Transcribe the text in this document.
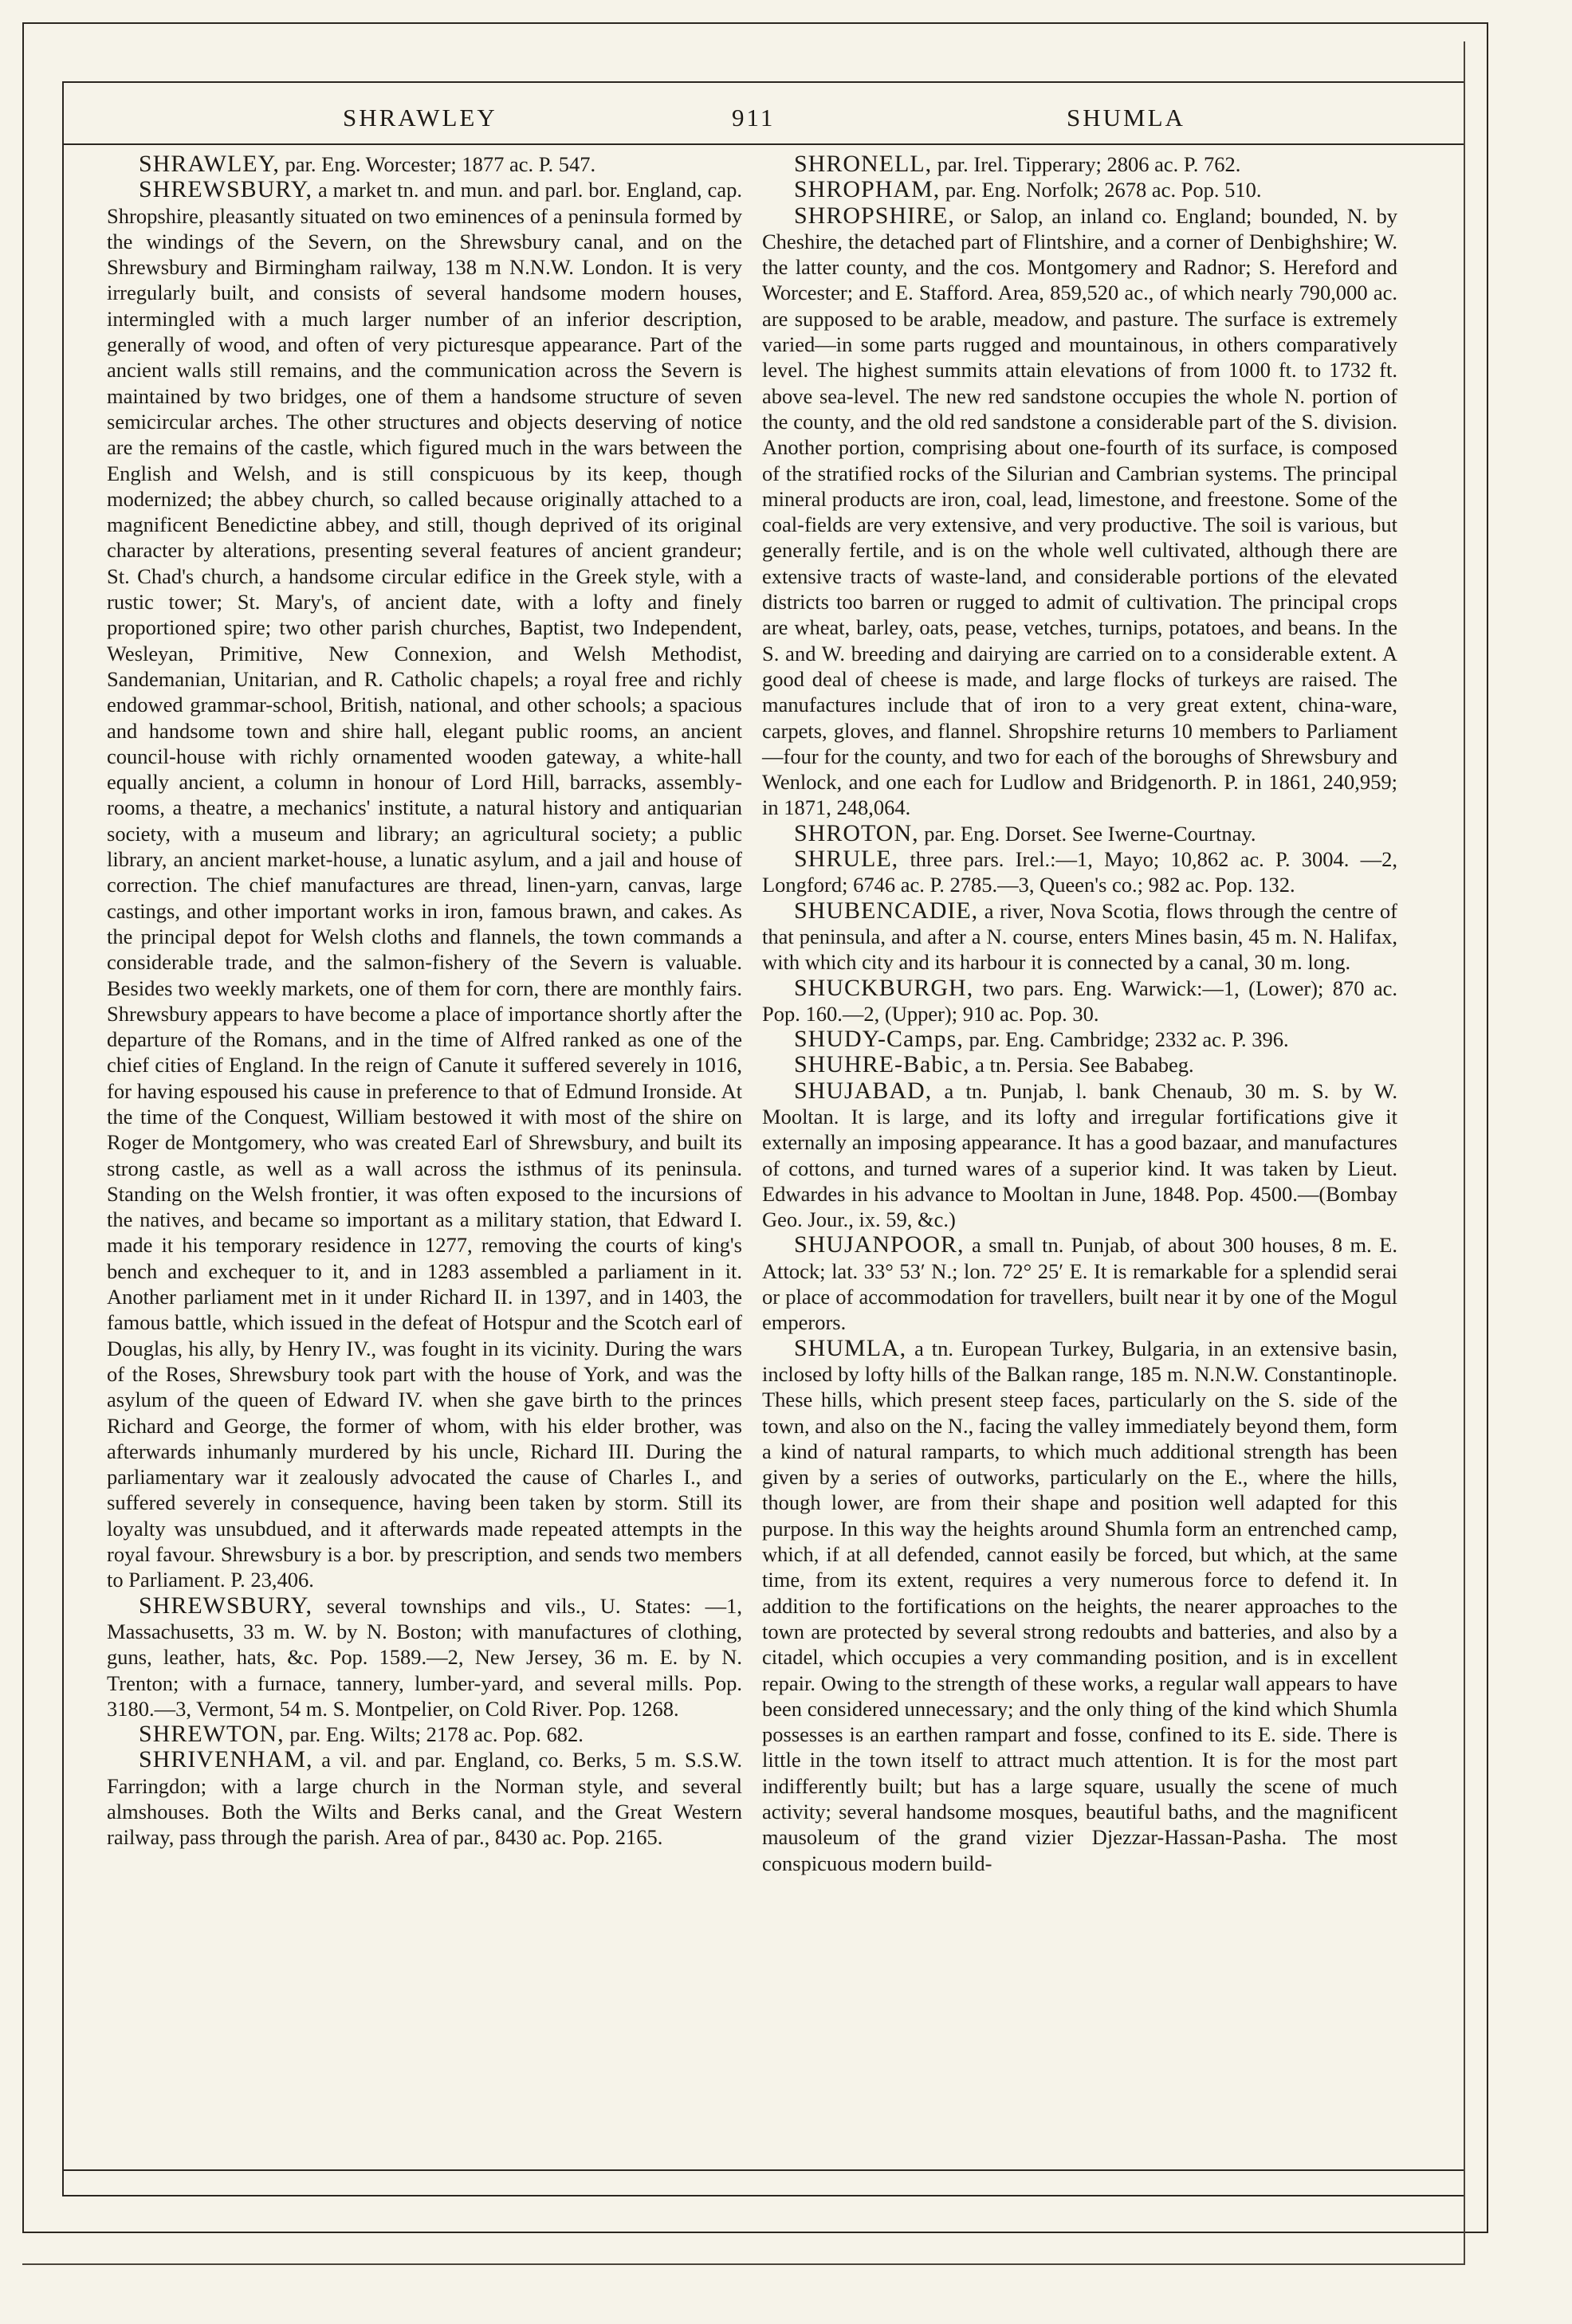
SHRAWLEY	911	SHUMLA

SHRAWLEY, par. Eng. Worcester; 1877 ac. P. 547.

SHREWSBURY, a market tn. and mun. and parl. bor. England, cap. Shropshire, pleasantly situated on two eminences of a peninsula formed by the windings of the Severn, on the Shrewsbury canal, and on the Shrewsbury and Birmingham railway, 138 m N.N.W. London. It is very irregularly built, and consists of several handsome modern houses, intermingled with a much larger number of an inferior description, generally of wood, and often of very picturesque appearance. Part of the ancient walls still remains, and the communication across the Severn is maintained by two bridges, one of them a handsome structure of seven semicircular arches. The other structures and objects deserving of notice are the remains of the castle, which figured much in the wars between the English and Welsh, and is still conspicuous by its keep, though modernized; the abbey church, so called because originally attached to a magnificent Benedictine abbey, and still, though deprived of its original character by alterations, presenting several features of ancient grandeur; St. Chad's church, a handsome circular edifice in the Greek style, with a rustic tower; St. Mary's, of ancient date, with a lofty and finely proportioned spire; two other parish churches, Baptist, two Independent, Wesleyan, Primitive, New Connexion, and Welsh Methodist, Sandemanian, Unitarian, and R. Catholic chapels; a royal free and richly endowed grammar-school, British, national, and other schools; a spacious and handsome town and shire hall, elegant public rooms, an ancient council-house with richly ornamented wooden gateway, a white-hall equally ancient, a column in honour of Lord Hill, barracks, assembly-rooms, a theatre, a mechanics' institute, a natural history and antiquarian society, with a museum and library; an agricultural society; a public library, an ancient market-house, a lunatic asylum, and a jail and house of correction. The chief manufactures are thread, linen-yarn, canvas, large castings, and other important works in iron, famous brawn, and cakes. As the principal depot for Welsh cloths and flannels, the town commands a considerable trade, and the salmon-fishery of the Severn is valuable. Besides two weekly markets, one of them for corn, there are monthly fairs. Shrewsbury appears to have become a place of importance shortly after the departure of the Romans, and in the time of Alfred ranked as one of the chief cities of England. In the reign of Canute it suffered severely in 1016, for having espoused his cause in preference to that of Edmund Ironside. At the time of the Conquest, William bestowed it with most of the shire on Roger de Montgomery, who was created Earl of Shrewsbury, and built its strong castle, as well as a wall across the isthmus of its peninsula. Standing on the Welsh frontier, it was often exposed to the incursions of the natives, and became so important as a military station, that Edward I. made it his temporary residence in 1277, removing the courts of king's bench and exchequer to it, and in 1283 assembled a parliament in it. Another parliament met in it under Richard II. in 1397, and in 1403, the famous battle, which issued in the defeat of Hotspur and the Scotch earl of Douglas, his ally, by Henry IV., was fought in its vicinity. During the wars of the Roses, Shrewsbury took part with the house of York, and was the asylum of the queen of Edward IV. when she gave birth to the princes Richard and George, the former of whom, with his elder brother, was afterwards inhumanly murdered by his uncle, Richard III. During the parliamentary war it zealously advocated the cause of Charles I., and suffered severely in consequence, having been taken by storm. Still its loyalty was unsubdued, and it afterwards made repeated attempts in the royal favour. Shrewsbury is a bor. by prescription, and sends two members to Parliament. P. 23,406.

SHREWSBURY, several townships and vils., U. States: —1, Massachusetts, 33 m. W. by N. Boston; with manufactures of clothing, guns, leather, hats, &c. Pop. 1589.—2, New Jersey, 36 m. E. by N. Trenton; with a furnace, tannery, lumber-yard, and several mills. Pop. 3180.—3, Vermont, 54 m. S. Montpelier, on Cold River. Pop. 1268.

SHREWTON, par. Eng. Wilts; 2178 ac. Pop. 682.

SHRIVENHAM, a vil. and par. England, co. Berks, 5 m. S.S.W. Farringdon; with a large church in the Norman style, and several almshouses. Both the Wilts and Berks canal, and the Great Western railway, pass through the parish. Area of par., 8430 ac. Pop. 2165.

SHRONELL, par. Irel. Tipperary; 2806 ac. P. 762.

SHROPHAM, par. Eng. Norfolk; 2678 ac. Pop. 510.

SHROPSHIRE, or Salop, an inland co. England; bounded, N. by Cheshire, the detached part of Flintshire, and a corner of Denbighshire; W. the latter county, and the cos. Montgomery and Radnor; S. Hereford and Worcester; and E. Stafford. Area, 859,520 ac., of which nearly 790,000 ac. are supposed to be arable, meadow, and pasture. The surface is extremely varied—in some parts rugged and mountainous, in others comparatively level. The highest summits attain elevations of from 1000 ft. to 1732 ft. above sea-level. The new red sandstone occupies the whole N. portion of the county, and the old red sandstone a considerable part of the S. division. Another portion, comprising about one-fourth of its surface, is composed of the stratified rocks of the Silurian and Cambrian systems. The principal mineral products are iron, coal, lead, limestone, and freestone. Some of the coal-fields are very extensive, and very productive. The soil is various, but generally fertile, and is on the whole well cultivated, although there are extensive tracts of waste-land, and considerable portions of the elevated districts too barren or rugged to admit of cultivation. The principal crops are wheat, barley, oats, pease, vetches, turnips, potatoes, and beans. In the S. and W. breeding and dairying are carried on to a considerable extent. A good deal of cheese is made, and large flocks of turkeys are raised. The manufactures include that of iron to a very great extent, china-ware, carpets, gloves, and flannel. Shropshire returns 10 members to Parliament—four for the county, and two for each of the boroughs of Shrewsbury and Wenlock, and one each for Ludlow and Bridgenorth. P. in 1861, 240,959; in 1871, 248,064.

SHROTON, par. Eng. Dorset. See Iwerne-Courtnay.

SHRULE, three pars. Irel.:—1, Mayo; 10,862 ac. P. 3004. —2, Longford; 6746 ac. P. 2785.—3, Queen's co.; 982 ac. Pop. 132.

SHUBENCADIE, a river, Nova Scotia, flows through the centre of that peninsula, and after a N. course, enters Mines basin, 45 m. N. Halifax, with which city and its harbour it is connected by a canal, 30 m. long.

SHUCKBURGH, two pars. Eng. Warwick:—1, (Lower); 870 ac. Pop. 160.—2, (Upper); 910 ac. Pop. 30.

SHUDY-Camps, par. Eng. Cambridge; 2332 ac. P. 396.

SHUHRE-Babic, a tn. Persia. See Bababeg.

SHUJABAD, a tn. Punjab, l. bank Chenaub, 30 m. S. by W. Mooltan. It is large, and its lofty and irregular fortifications give it externally an imposing appearance. It has a good bazaar, and manufactures of cottons, and turned wares of a superior kind. It was taken by Lieut. Edwardes in his advance to Mooltan in June, 1848. Pop. 4500.—(Bombay Geo. Jour., ix. 59, &c.)

SHUJANPOOR, a small tn. Punjab, of about 300 houses, 8 m. E. Attock; lat. 33° 53′ N.; lon. 72° 25′ E. It is remarkable for a splendid serai or place of accommodation for travellers, built near it by one of the Mogul emperors.

SHUMLA, a tn. European Turkey, Bulgaria, in an extensive basin, inclosed by lofty hills of the Balkan range, 185 m. N.N.W. Constantinople. These hills, which present steep faces, particularly on the S. side of the town, and also on the N., facing the valley immediately beyond them, form a kind of natural ramparts, to which much additional strength has been given by a series of outworks, particularly on the E., where the hills, though lower, are from their shape and position well adapted for this purpose. In this way the heights around Shumla form an entrenched camp, which, if at all defended, cannot easily be forced, but which, at the same time, from its extent, requires a very numerous force to defend it. In addition to the fortifications on the heights, the nearer approaches to the town are protected by several strong redoubts and batteries, and also by a citadel, which occupies a very commanding position, and is in excellent repair. Owing to the strength of these works, a regular wall appears to have been considered unnecessary; and the only thing of the kind which Shumla possesses is an earthen rampart and fosse, confined to its E. side. There is little in the town itself to attract much attention. It is for the most part indifferently built; but has a large square, usually the scene of much activity; several handsome mosques, beautiful baths, and the magnificent mausoleum of the grand vizier Djezzar-Hassan-Pasha. The most conspicuous modern build-
